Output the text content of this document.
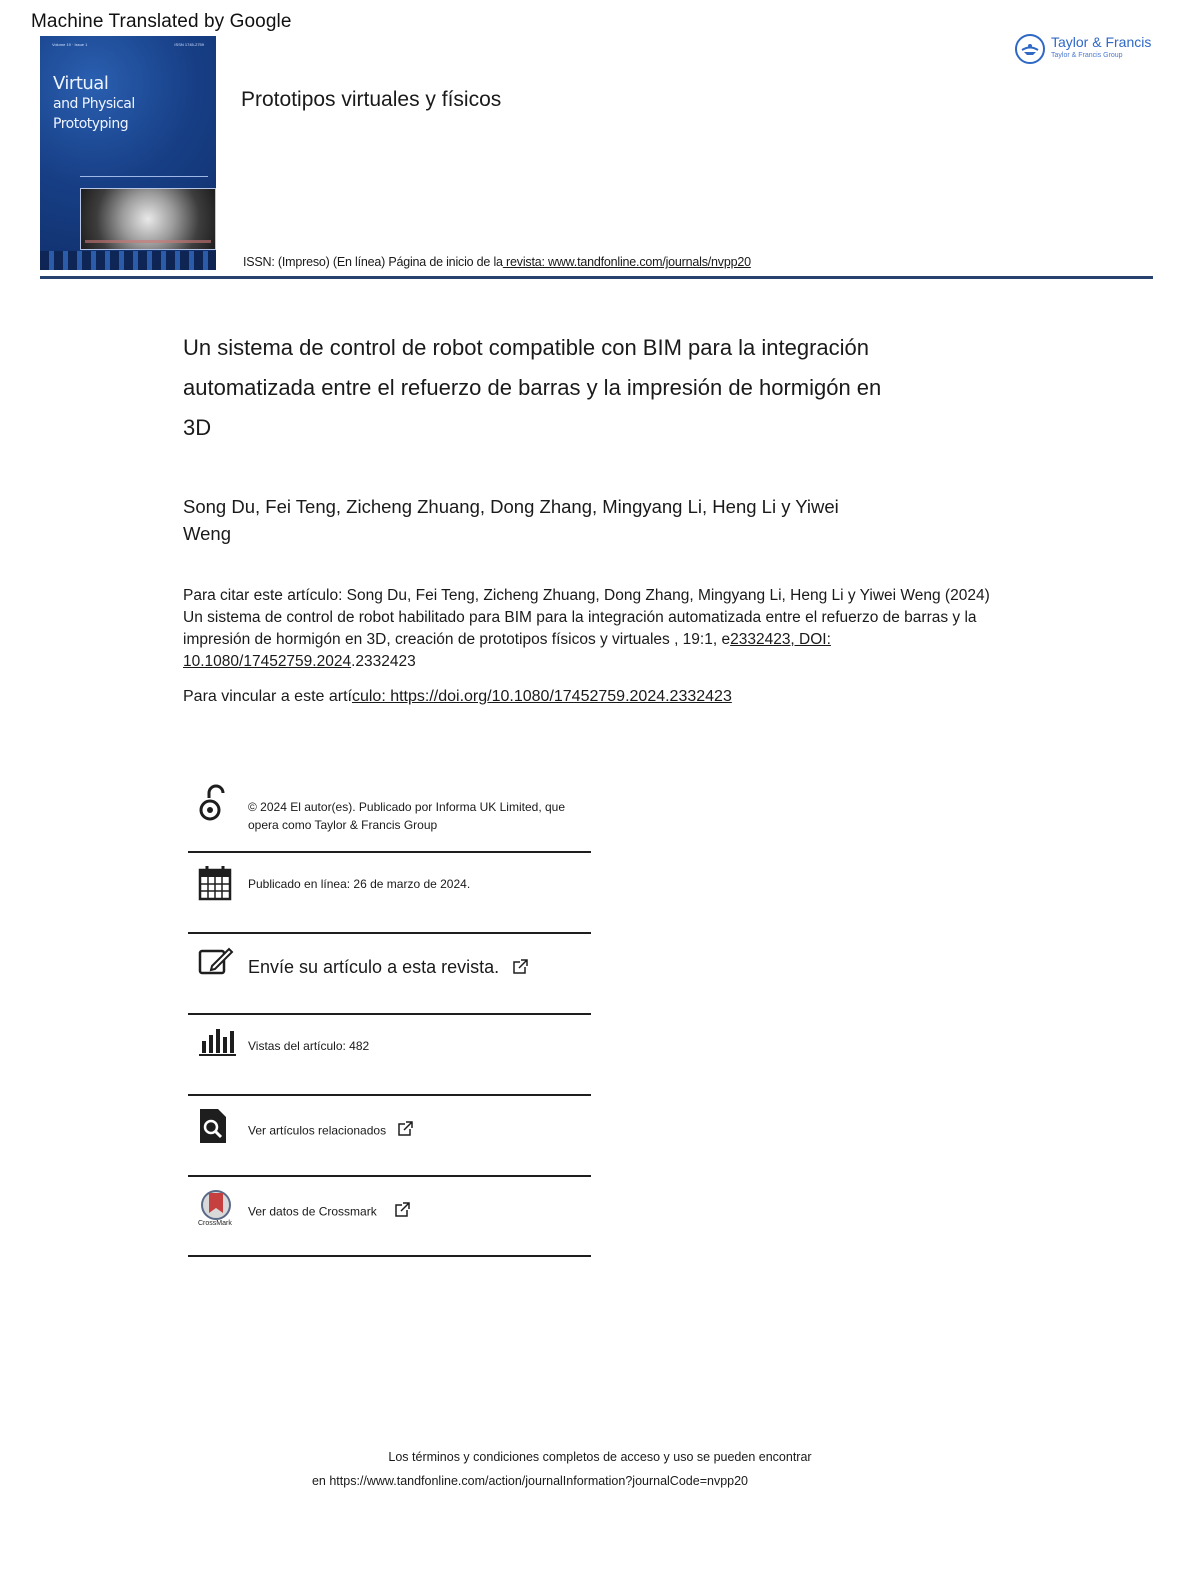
Machine Translated by Google
Volume 19 · Issue 1	ISSN 1745-2759
Virtual
and Physical
Prototyping
Prototipos virtuales y físicos
Taylor & Francis
Taylor & Francis Group
ISSN: (Impreso) (En línea) Página de inicio de la revista: www.tandfonline.com/journals/nvpp20
Un sistema de control de robot compatible con BIM para la integración automatizada entre el refuerzo de barras y la impresión de hormigón en 3D
Song Du, Fei Teng, Zicheng Zhuang, Dong Zhang, Mingyang Li, Heng Li y Yiwei Weng
Para citar este artículo: Song Du, Fei Teng, Zicheng Zhuang, Dong Zhang, Mingyang Li, Heng Li y Yiwei Weng (2024) Un sistema de control de robot habilitado para BIM para la integración automatizada entre el refuerzo de barras y la impresión de hormigón en 3D, creación de prototipos físicos y virtuales , 19:1, e2332423, DOI: 10.1080/17452759.2024.2332423
Para vincular a este artículo: https://doi.org/10.1080/17452759.2024.2332423
© 2024 El autor(es). Publicado por Informa UK Limited, que opera como Taylor & Francis Group
Publicado en línea: 26 de marzo de 2024.
Envíe su artículo a esta revista.
Vistas del artículo: 482
Ver artículos relacionados
CrossMark
Ver datos de Crossmark
Los términos y condiciones completos de acceso y uso se pueden encontrar
en https://www.tandfonline.com/action/journalInformation?journalCode=nvpp20
